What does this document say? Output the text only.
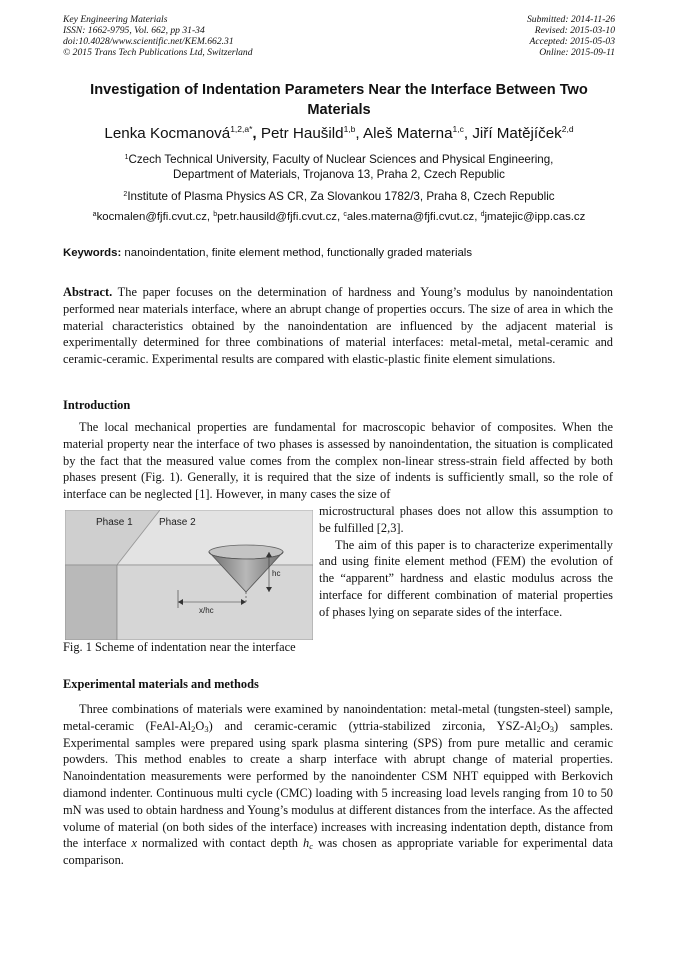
Key Engineering Materials
ISSN: 1662-9795, Vol. 662, pp 31-34
doi:10.4028/www.scientific.net/KEM.662.31
© 2015 Trans Tech Publications Ltd, Switzerland
Submitted: 2014-11-26
Revised: 2015-03-10
Accepted: 2015-05-03
Online: 2015-09-11
Investigation of Indentation Parameters Near the Interface Between Two Materials
Lenka Kocmanová$^{1,2,a*}$, Petr Haušild$^{1,b}$, Aleš Materna$^{1,c}$, Jiří Matějíček$^{2,d}$
$^1$Czech Technical University, Faculty of Nuclear Sciences and Physical Engineering,
Department of Materials, Trojanova 13, Praha 2, Czech Republic
$^2$Institute of Plasma Physics AS CR, Za Slovankou 1782/3, Praha 8, Czech Republic
$^a$kocmalen@fjfi.cvut.cz, $^b$petr.hausild@fjfi.cvut.cz, $^c$ales.materna@fjfi.cvut.cz, $^d$jmatejic@ipp.cas.cz
Keywords: nanoindentation, finite element method, functionally graded materials
Abstract. The paper focuses on the determination of hardness and Young’s modulus by nanoindentation performed near materials interface, where an abrupt change of properties occurs. The size of area in which the material characteristics obtained by the nanoindentation are influenced by the adjacent material is experimentally determined for three combinations of material interfaces: metal-metal, metal-ceramic and ceramic-ceramic. Experimental results are compared with elastic-plastic finite element simulations.
Introduction
The local mechanical properties are fundamental for macroscopic behavior of composites. When the material property near the interface of two phases is assessed by nanoindentation, the situation is complicated by the fact that the measured value comes from the complex non-linear stress-strain field affected by both phases present (Fig. 1). Generally, it is required that the size of indents is sufficiently small, so the role of interface can be neglected [1]. However, in many cases the size of

microstructural phases does not allow this assumption to be fulfilled [2,3].

The aim of this paper is to characterize experimentally and using finite element method (FEM) the evolution of the “apparent” hardness and elastic modulus across the interface for different combination of material properties of phases lying on separate sides of the interface.

Phase 1	Phase 2
hc
x/hc
Fig. 1 Scheme of indentation near the interface
Experimental materials and methods
Three combinations of materials were examined by nanoindentation: metal-metal (tungsten-steel) sample, metal-ceramic $(FeAl-Al_2O_3)$ and ceramic-ceramic (yttria-stabilized zirconia, YSZ-$Al_2O_3$) samples. Experimental samples were prepared using spark plasma sintering (SPS) from pure metallic and ceramic powders. This method enables to create a sharp interface with abrupt change of material properties. Nanoindentation measurements were performed by the nanoindenter CSM NHT equipped with Berkovich diamond indenter. Continuous multi cycle (CMC) loading with 5 increasing load levels ranging from 10 to 50 mN was used to obtain hardness and Young’s modulus at different distances from the interface. As the affected volume of material (on both sides of the interface) increases with increasing indentation depth, distance from the interface x normalized with contact depth $h_c$ was chosen as appropriate variable for experimental data comparison.
